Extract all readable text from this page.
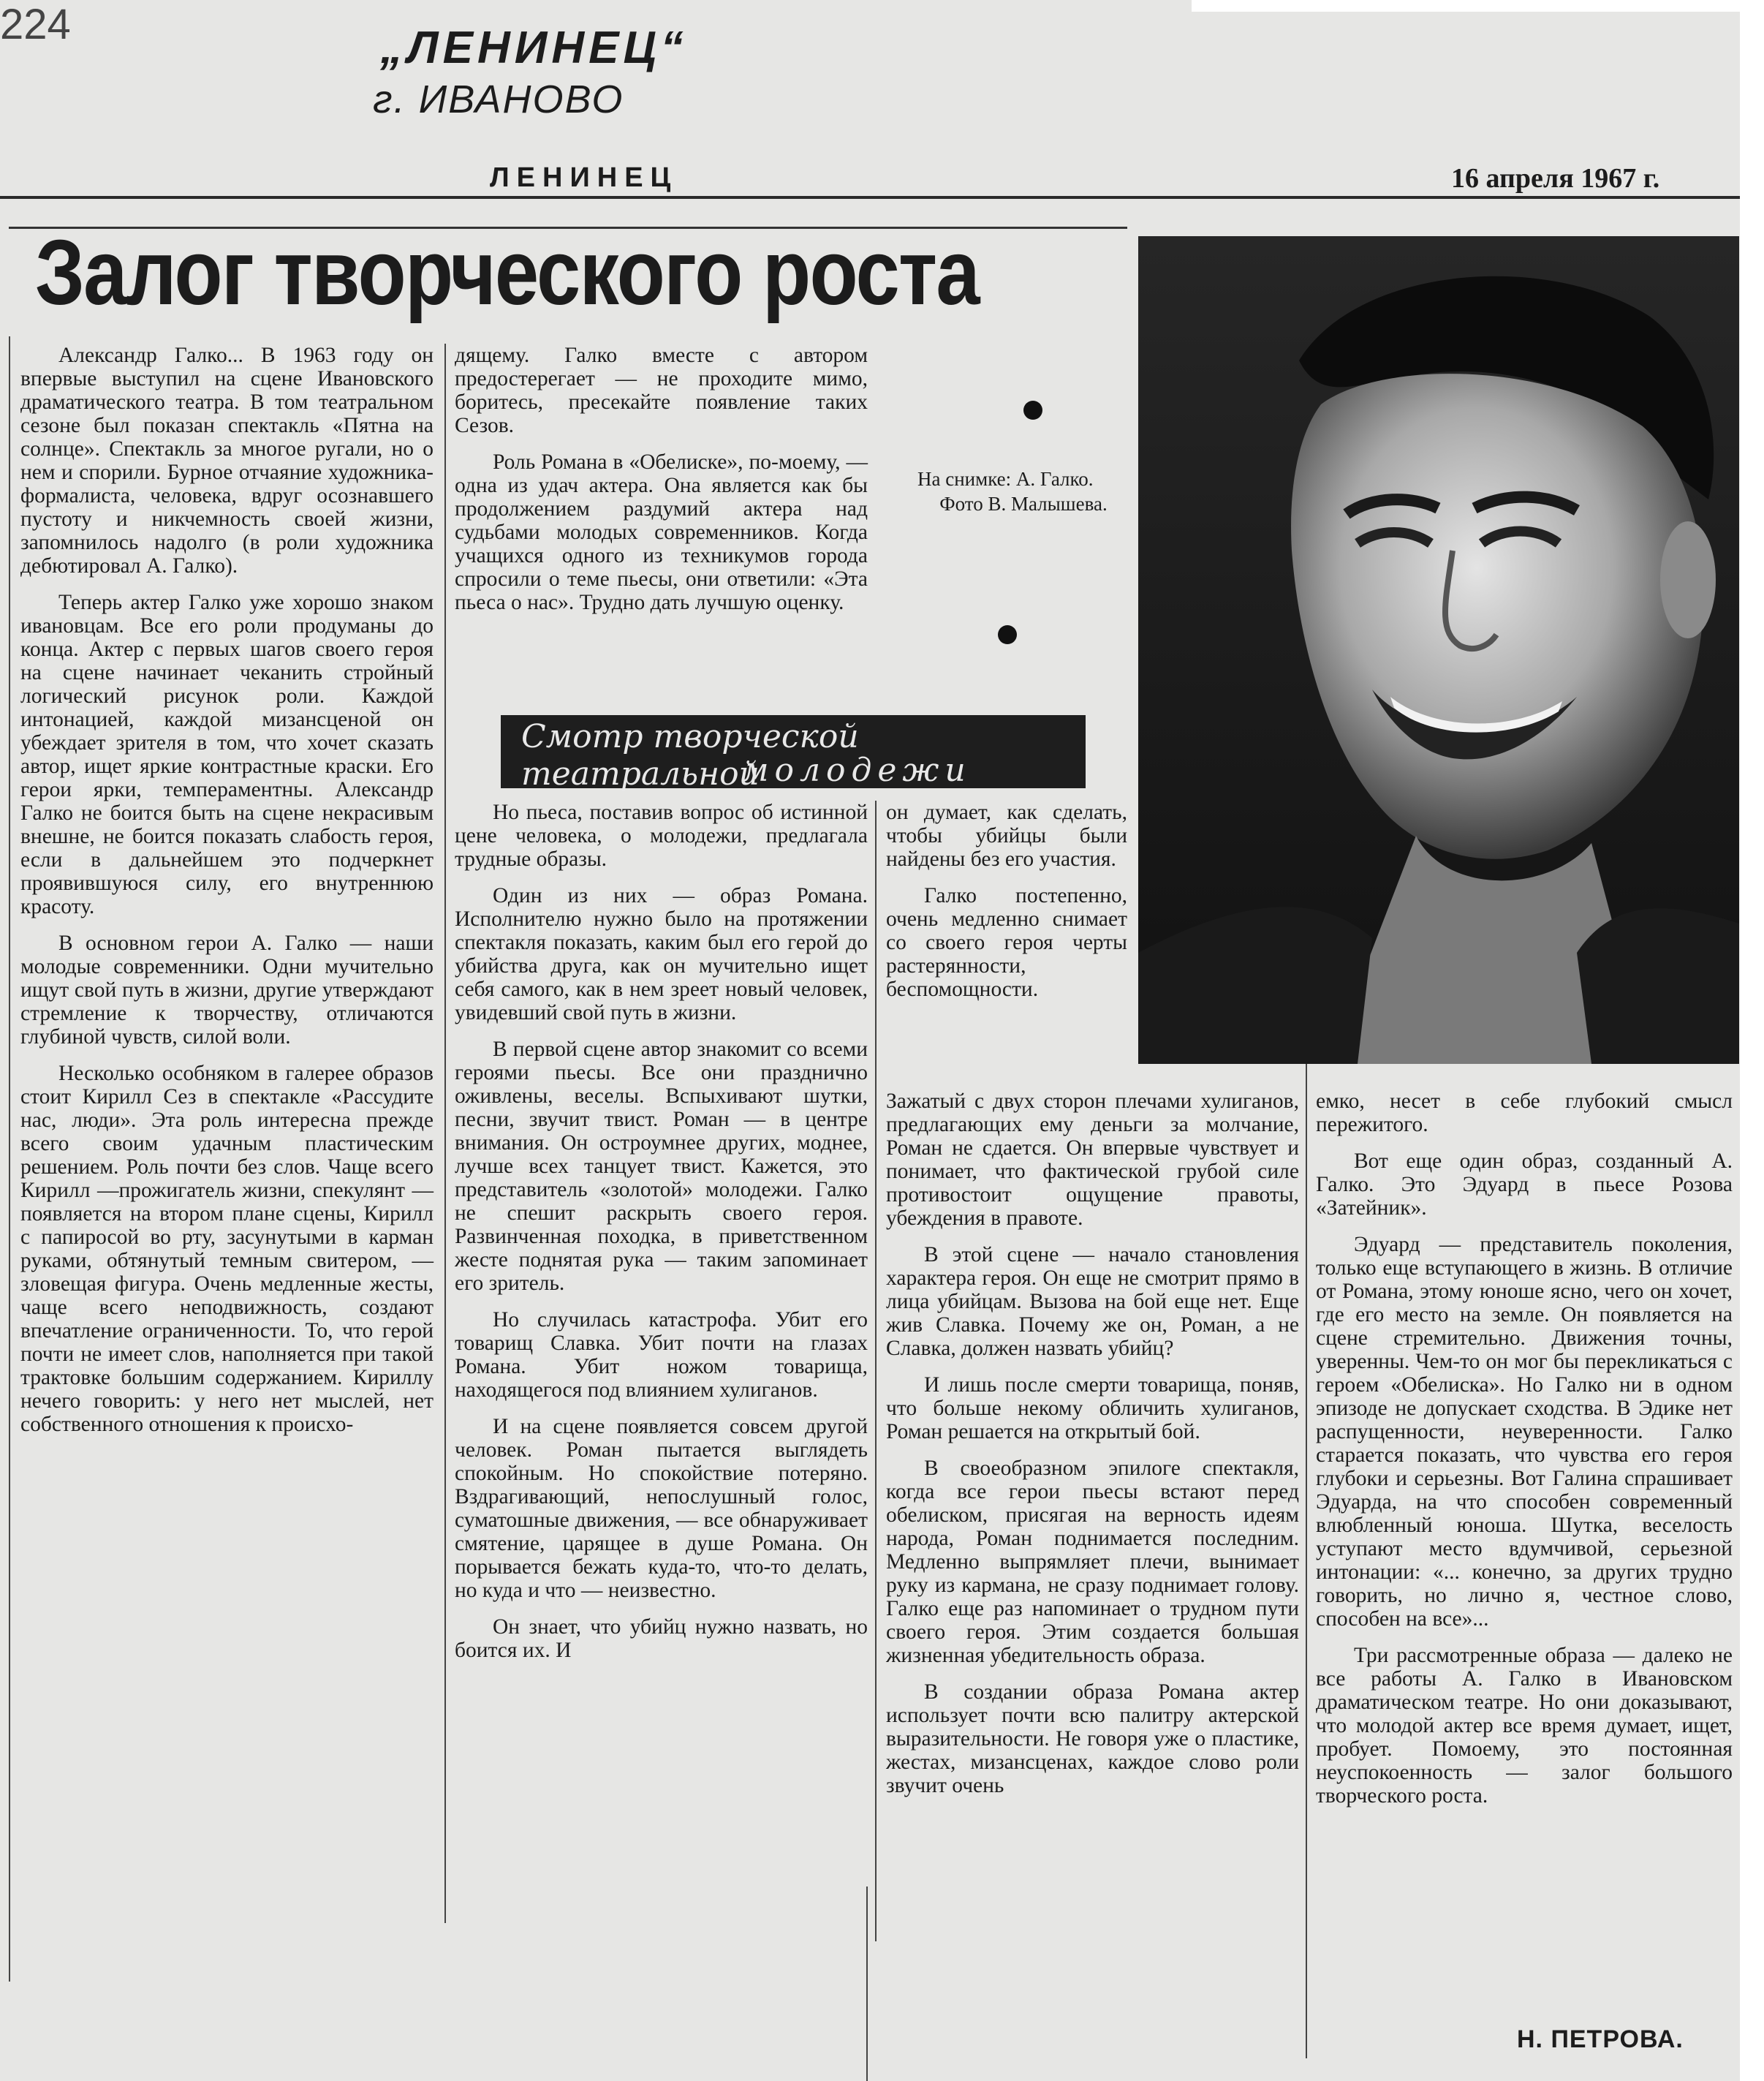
224	„ЛЕНИНЕЦ“
г. ИВАНОВО
ЛЕНИНЕЦ	16 апреля 1967 г.
Залог творческого роста

Александр Галко... В 1963 году он впервые выступил на сцене Ивановского драматического театра. В том театральном сезоне был показан спектакль «Пятна на солнце». Спектакль за многое ругали, но о нем и спорили. Бурное отчаяние художника-формалиста, человека, вдруг осознавшего пустоту и никчемность своей жизни, запомнилось надолго (в роли художника дебютировал А. Галко).

Теперь актер Галко уже хорошо знаком ивановцам. Все его роли продуманы до конца. Актер с первых шагов своего героя на сцене начинает чеканить стройный логический рисунок роли. Каждой интонацией, каждой мизансценой он убеждает зрителя в том, что хочет сказать автор, ищет яркие контрастные краски. Его герои ярки, темпераментны. Александр Галко не боится быть на сцене некрасивым внешне, не боится показать слабость героя, если в дальнейшем это подчеркнет проявившуюся силу, его внутреннюю красоту.

В основном герои А. Галко — наши молодые современники. Одни мучительно ищут свой путь в жизни, другие утверждают стремление к творчеству, отличаются глубиной чувств, силой воли.

Несколько особняком в галерее образов стоит Кирилл Сез в спектакле «Рассудите нас, люди». Эта роль интересна прежде всего своим удачным пластическим решением. Роль почти без слов. Чаще всего Кирилл —прожигатель жизни, спекулянт — появляется на втором плане сцены, Кирилл с папиросой во рту, засунутыми в карман руками, обтянутый темным свитером, — зловещая фигура. Очень медленные жесты, чаще всего неподвижность, создают впечатление ограниченности. То, что герой почти не имеет слов, наполняется при такой трактовке большим содержанием. Кириллу нечего говорить: у него нет мыслей, нет собственного отношения к происхо-

дящему. Галко вместе с автором предостерегает — не проходите мимо, боритесь, пресекайте появление таких Сезов.

Роль Романа в «Обелиске», по-моему, — одна из удач актера. Она является как бы продолжением раздумий актера над судьбами молодых современников. Когда учащихся одного из техникумов города спросили о теме пьесы, они ответили: «Эта пьеса о нас». Трудно дать лучшую оценку.

Смотр творческой театральной
молодежи

Но пьеса, поставив вопрос об истинной цене человека, о молодежи, предлагала трудные образы.

Один из них — образ Романа. Исполнителю нужно было на протяжении спектакля показать, каким был его герой до убийства друга, как он мучительно ищет себя самого, как в нем зреет новый человек, увидевший свой путь в жизни.

В первой сцене автор знакомит со всеми героями пьесы. Все они празднично оживлены, веселы. Вспыхивают шутки, песни, звучит твист. Роман — в центре внимания. Он остроумнее других, моднее, лучше всех танцует твист. Кажется, это представитель «золотой» молодежи. Галко не спешит раскрыть своего героя. Развинченная походка, в приветственном жесте поднятая рука — таким запоминает его зритель.

Но случилась катастрофа. Убит его товарищ Славка. Убит почти на глазах Романа. Убит ножом товарища, находящегося под влиянием хулиганов.

И на сцене появляется совсем другой человек. Роман пытается выглядеть спокойным. Но спокойствие потеряно. Вздрагивающий, непослушный голос, суматошные движения, — все обнаруживает смятение, царящее в душе Романа. Он порывается бежать куда-то, что-то делать, но куда и что — неизвестно.

Он знает, что убийц нужно назвать, но боится их. И

он думает, как сделать, чтобы убийцы были найдены без его участия.

Галко постепенно, очень медленно снимает со своего героя черты растерянности, беспомощности.

Зажатый с двух сторон плечами хулиганов, предлагающих ему деньги за молчание, Роман не сдается. Он впервые чувствует и понимает, что фактической грубой силе противостоит ощущение правоты, убеждения в правоте.

В этой сцене — начало становления характера героя. Он еще не смотрит прямо в лица убийцам. Вызова на бой еще нет. Еще жив Славка. Почему же он, Роман, а не Славка, должен назвать убийц?

И лишь после смерти товарища, поняв, что больше некому обличить хулиганов, Роман решается на открытый бой.

В своеобразном эпилоге спектакля, когда все герои пьесы встают перед обелиском, присягая на верность идеям народа, Роман поднимается последним. Медленно выпрямляет плечи, вынимает руку из кармана, не сразу поднимает голову. Галко еще раз напоминает о трудном пути своего героя. Этим создается большая жизненная убедительность образа.

В создании образа Романа актер использует почти всю палитру актерской выразительности. Не говоря уже о пластике, жестах, мизансценах, каждое слово роли звучит очень

емко, несет в себе глубокий смысл пережитого.

Вот еще один образ, созданный А. Галко. Это Эдуард в пьесе Розова «Затейник».

Эдуард — представитель поколения, только еще вступающего в жизнь. В отличие от Романа, этому юноше ясно, чего он хочет, где его место на земле. Он появляется на сцене стремительно. Движения точны, уверенны. Чем-то он мог бы перекликаться с героем «Обелиска». Но Галко ни в одном эпизоде не допускает сходства. В Эдике нет распущенности, неуверенности. Галко старается показать, что чувства его героя глубоки и серьезны. Вот Галина спрашивает Эдуарда, на что способен современный влюбленный юноша. Шутка, веселость уступают место вдумчивой, серьезной интонации: «... конечно, за других трудно говорить, но лично я, честное слово, способен на все»...

Три рассмотренные образа — далеко не все работы А. Галко в Ивановском драматическом театре. Но они доказывают, что молодой актер все время думает, ищет, пробует. Помоему, это постоянная неуспокоенность — залог большого творческого роста.

На снимке: А. Галко.
Фото В. Малышева.
Н. ПЕТРОВА.
